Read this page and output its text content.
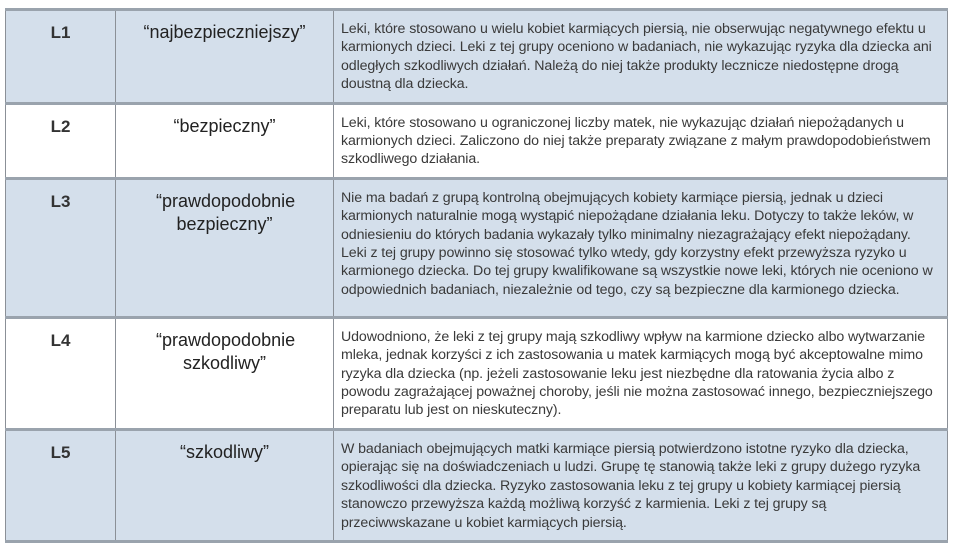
L1	“najbezpieczniejszy”	Leki, które stosowano u wielu kobiet karmiących piersią, nie obserwując negatywnego efektu u karmionych dzieci. Leki z tej grupy oceniono w badaniach, nie wykazując ryzyka dla dziecka ani odległych szkodliwych działań. Należą do niej także produkty lecznicze niedostępne drogą doustną dla dziecka.

L2	“bezpieczny”	Leki, które stosowano u ograniczonej liczby matek, nie wykazując działań niepożądanych u karmionych dzieci. Zaliczono do niej także preparaty związane z małym prawdopodobieństwem szkodliwego działania.

L3	“prawdopodobnie bezpieczny”	Nie ma badań z grupą kontrolną obejmujących kobiety karmiące piersią, jednak u dzieci karmionych naturalnie mogą wystąpić niepożądane działania leku. Dotyczy to także leków, w odniesieniu do których badania wykazały tylko minimalny niezagrażający efekt niepożądany. Leki z tej grupy powinno się stosować tylko wtedy, gdy korzystny efekt przewyższa ryzyko u karmionego dziecka. Do tej grupy kwalifikowane są wszystkie nowe leki, których nie oceniono w odpowiednich badaniach, niezależnie od tego, czy są bezpieczne dla karmionego dziecka.

L4	“prawdopodobnie szkodliwy”	Udowodniono, że leki z tej grupy mają szkodliwy wpływ na karmione dziecko albo wytwarzanie mleka, jednak korzyści z ich zastosowania u matek karmiących mogą być akceptowalne mimo ryzyka dla dziecka (np. jeżeli zastosowanie leku jest niezbędne dla ratowania życia albo z powodu zagrażającej poważnej choroby, jeśli nie można zastosować innego, bezpieczniejszego preparatu lub jest on nieskuteczny).

L5	“szkodliwy”	W badaniach obejmujących matki karmiące piersią potwierdzono istotne ryzyko dla dziecka, opierając się na doświadczeniach u ludzi. Grupę tę stanowią także leki z grupy dużego ryzyka szkodliwości dla dziecka. Ryzyko zastosowania leku z tej grupy u kobiety karmiącej piersią stanowczo przewyższa każdą możliwą korzyść z karmienia. Leki z tej grupy są przeciwwskazane u kobiet karmiących piersią.
